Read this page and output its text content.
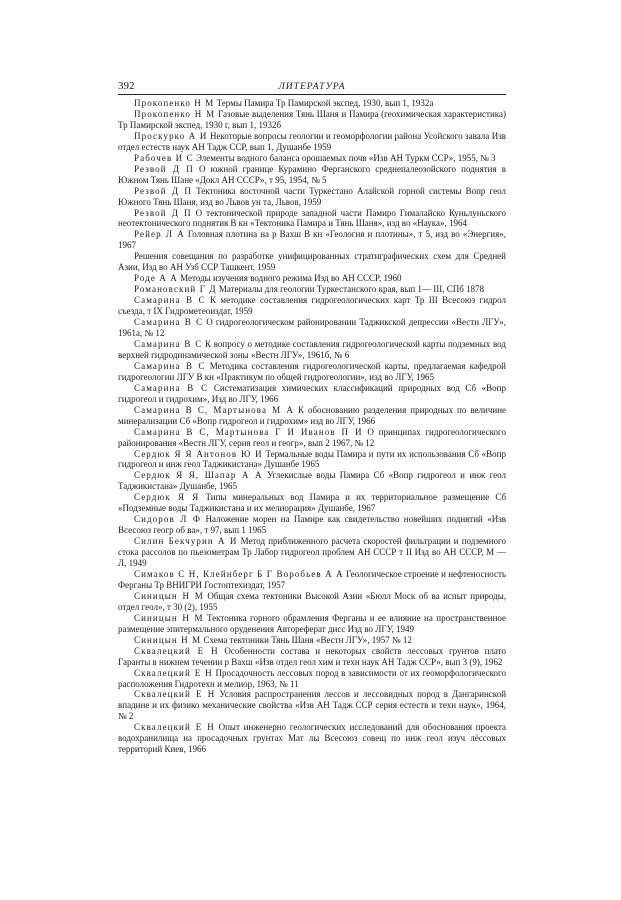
392	ЛИТЕРАТУРА

Прокопенко Н М Термы Памира Тр Памирской экспед, 1930, вып 1, 1932а

Прокопенко Н М Газовые выделения Тянь Шаня и Памира (геохимическая характеристика) Тр Памирской экспед, 1930 г, вып 1, 1932б

Проскурко А И Некоторые вопросы геологии и геоморфологии района Усойского завала Изв отдел естеств наук АН Тадж ССР, вып 1, Душанбе 1959

Рабочев И С Элементы водного баланса орошаемых почв «Изв АН Туркм ССР», 1955, № 3

Резвой Д П О южной границе Курамино Ферганского среднепалеозойского поднятия в Южном Тянь Шане «Докл АН СССР», т 95, 1954, № 5

Резвой Д П Тектоника восточной части Туркестано Алайской горной системы Вопр геол Южного Тянь Шаня, изд во Львов ун та, Львов, 1959

Резвой Д П О тектонической природе западной части Памиро Гималайско Куньлуньского неотектонического поднятия В кн «Тектоника Памира и Тянь Шаня», изд во «Наука», 1964

Рейер Л А Головная плотина на р Вахш В кн «Геология и плотины», т 5, изд во «Энергия», 1967

Решения совещания по разработке унифицированных стратиграфических схем для Средней Азии, Изд во АН Узб ССР Ташкент, 1959

Роде А А Методы изучения водного режима Изд во АН СССР, 1960

Романовский Г Д Материалы для геологии Туркестанского края, вып 1— III, СПб 1878

Самарина В С К методике составления гидрогеологических карт Тр III Всесоюз гидрол съезда, т IX Гидрометеоиздат, 1959

Самарина В С О гидрогеологическом районировании Таджикской депрессии «Вестн ЛГУ», 1961а, № 12

Самарина В С К вопросу о методике составления гидрогеологической карты подземных вод верхней гидродинамической зоны «Вестн ЛГУ», 1961б, № 6

Самарина В С Методика составления гидрогеологической карты, предлагаемая кафедрой гидрогеологии ЛГУ В кн «Практикум по общей гидрогеологии», изд во ЛГУ, 1965

Самарина В С Систематизация химических классификаций природных вод Сб «Вопр гидрогеол и гидрохим», Изд во ЛГУ, 1966

Самарина В С, Мартынова М А К обоснованию разделения природных по величине минерализации Сб «Вопр гидрогеол и гидрохим» изд во ЛГУ, 1966

Самарина В С, Мартынова Г И Иванов П И О принципах гидрогеологического районирования «Вестн ЛГУ, серия геол и геогр», вып 2 1967, № 12

Сердюк Я Я Антонов Ю И Термальные воды Памира и пути их использования Сб «Вопр гидрогеол и инж геол Таджикистана» Душанбе 1965

Сердюк Я Я, Шапар А А Углекислые воды Памира Сб «Вопр гидрогеол и инж геол Таджикистана» Душанбе, 1965

Сердюк Я Я Типы минеральных вод Памира и их территориальное размещение Сб «Подземные воды Таджикистана и их мелиорация» Душанбе, 1967

Сидоров Л Ф Наложение морен на Памире как свидетельство новейших поднятий «Изв Всесоюз геогр об ва», т 97, вып 1 1965

Силин Бекчурин А И Метод приближенного расчета скоростей фильтрации и подземного стока рассолов по пьезометрам Тр Лабор гидрогеол проблем АН СССР т II Изд во АН СССР, М — Л, 1949

Симаков С Н, Клейнберг Б Г Воробьев А А Геологическое строение и нефтеносность Ферганы Тр ВНИГРИ Гостоптехиздат, 1957

Синицын Н М Общая схема тектоники Высокой Азии «Бюлл Моск об ва испыт природы, отдел геол», т 30 (2), 1955

Синицын Н М Тектоника горного обрамления Ферганы и ее влияние на пространственное размещение эпитермального оруденения Автореферат дисс Изд во ЛГУ, 1949

Синицын Н М Схема тектоники Тянь Шаня «Вестн ЛГУ», 1957 № 12

Сквалецкий Е Н Особенности состава и некоторых свойств лессовых грунтов плато Гаранты в нижнем течении р Вахш «Изв отдел геол хим и техн наук АН Тадж ССР», вып 3 (9), 1962

Сквалецкий Е Н Просадочность лессовых пород в зависимости от их геоморфологического расположения Гидротехн и мелиор, 1963, № 11

Сквалецкий Е Н Условия распространения лессов и лессовидных пород в Дангаринской впадине и их физико механические свойства «Изв АН Тадж ССР серия естеств и техн наук», 1964, № 2

Сквалецкий Е Н Опыт инженерно геологических исследований для обоснования проекта водохранилища на просадочных грунтах Мат лы Всесоюз совещ по инж геол изуч лёссовых территорий Киев, 1966
